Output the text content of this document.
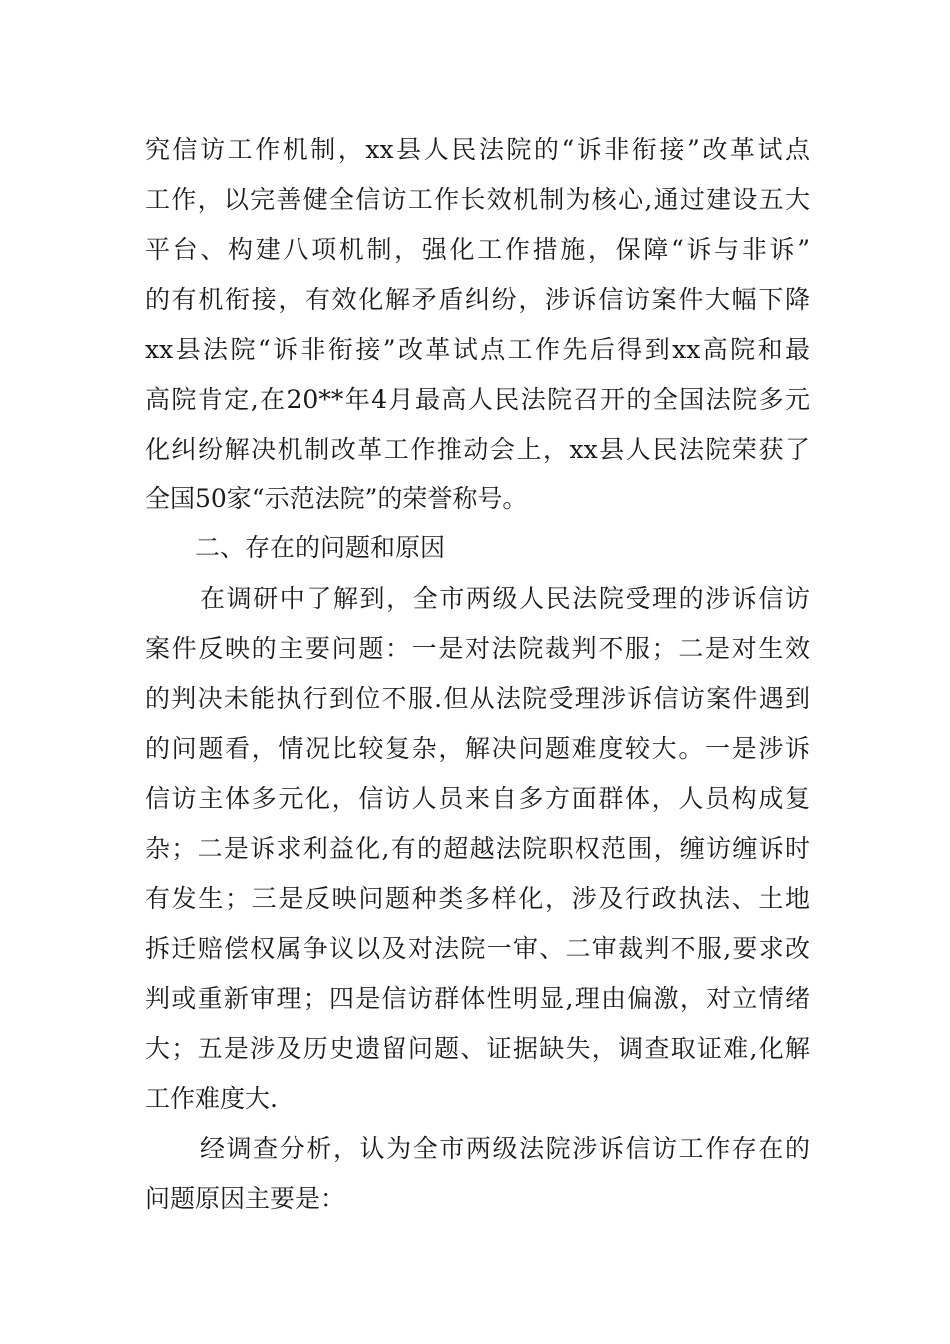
究信访工作机制，xx县人民法院的“诉非衔接”改革试点
工作，以完善健全信访工作长效机制为核心,通过建设五大
平台、构建八项机制，强化工作措施，保障“诉与非诉”
的有机衔接，有效化解矛盾纠纷，涉诉信访案件大幅下降
xx县法院“诉非衔接”改革试点工作先后得到xx高院和最
高院肯定,在20**年4月最高人民法院召开的全国法院多元
化纠纷解决机制改革工作推动会上，xx县人民法院荣获了
全国50家“示范法院”的荣誉称号。
二、存在的问题和原因
在调研中了解到，全市两级人民法院受理的涉诉信访
案件反映的主要问题：一是对法院裁判不服；二是对生效
的判决未能执行到位不服.但从法院受理涉诉信访案件遇到
的问题看，情况比较复杂，解决问题难度较大。一是涉诉
信访主体多元化，信访人员来自多方面群体，人员构成复
杂；二是诉求利益化,有的超越法院职权范围，缠访缠诉时
有发生；三是反映问题种类多样化，涉及行政执法、土地
拆迁赔偿权属争议以及对法院一审、二审裁判不服,要求改
判或重新审理；四是信访群体性明显,理由偏激，对立情绪
大；五是涉及历史遗留问题、证据缺失，调查取证难,化解
工作难度大.
经调查分析，认为全市两级法院涉诉信访工作存在的
问题原因主要是：
